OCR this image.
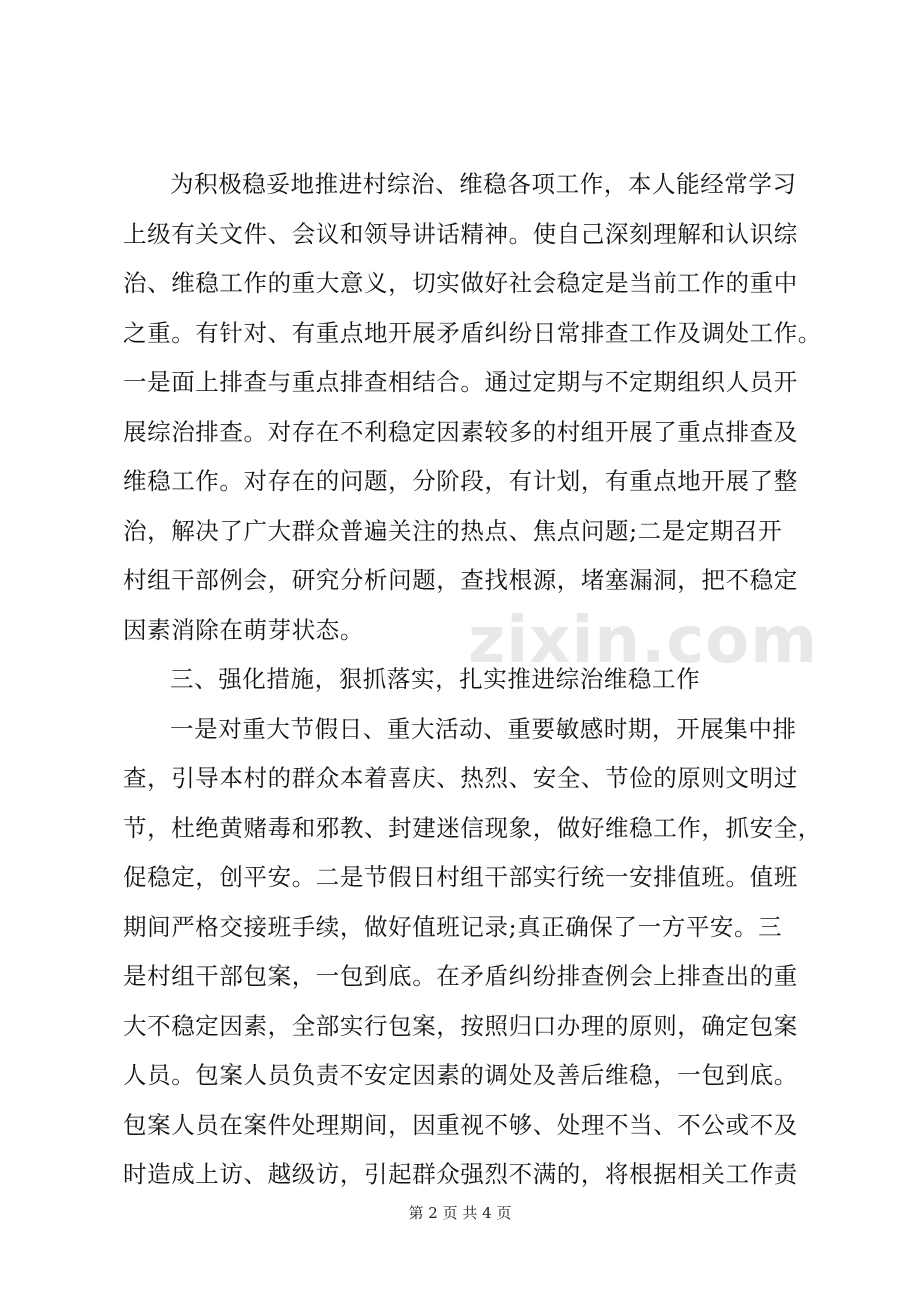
zixin.com
为积极稳妥地推进村综治、维稳各项工作，本人能经常学习
上级有关文件、会议和领导讲话精神。使自己深刻理解和认识综
治、维稳工作的重大意义，切实做好社会稳定是当前工作的重中
之重。有针对、有重点地开展矛盾纠纷日常排查工作及调处工作。
一是面上排查与重点排查相结合。通过定期与不定期组织人员开
展综治排查。对存在不利稳定因素较多的村组开展了重点排查及
维稳工作。对存在的问题，分阶段，有计划，有重点地开展了整
治，解决了广大群众普遍关注的热点、焦点问题;二是定期召开
村组干部例会，研究分析问题，查找根源，堵塞漏洞，把不稳定
因素消除在萌芽状态。
三、强化措施，狠抓落实，扎实推进综治维稳工作
一是对重大节假日、重大活动、重要敏感时期，开展集中排
查，引导本村的群众本着喜庆、热烈、安全、节俭的原则文明过
节，杜绝黄赌毒和邪教、封建迷信现象，做好维稳工作，抓安全，
促稳定，创平安。二是节假日村组干部实行统一安排值班。值班
期间严格交接班手续，做好值班记录;真正确保了一方平安。三
是村组干部包案，一包到底。在矛盾纠纷排查例会上排查出的重
大不稳定因素，全部实行包案，按照归口办理的原则，确定包案
人员。包案人员负责不安定因素的调处及善后维稳，一包到底。
包案人员在案件处理期间，因重视不够、处理不当、不公或不及
时造成上访、越级访，引起群众强烈不满的，将根据相关工作责
第 2 页 共 4 页
